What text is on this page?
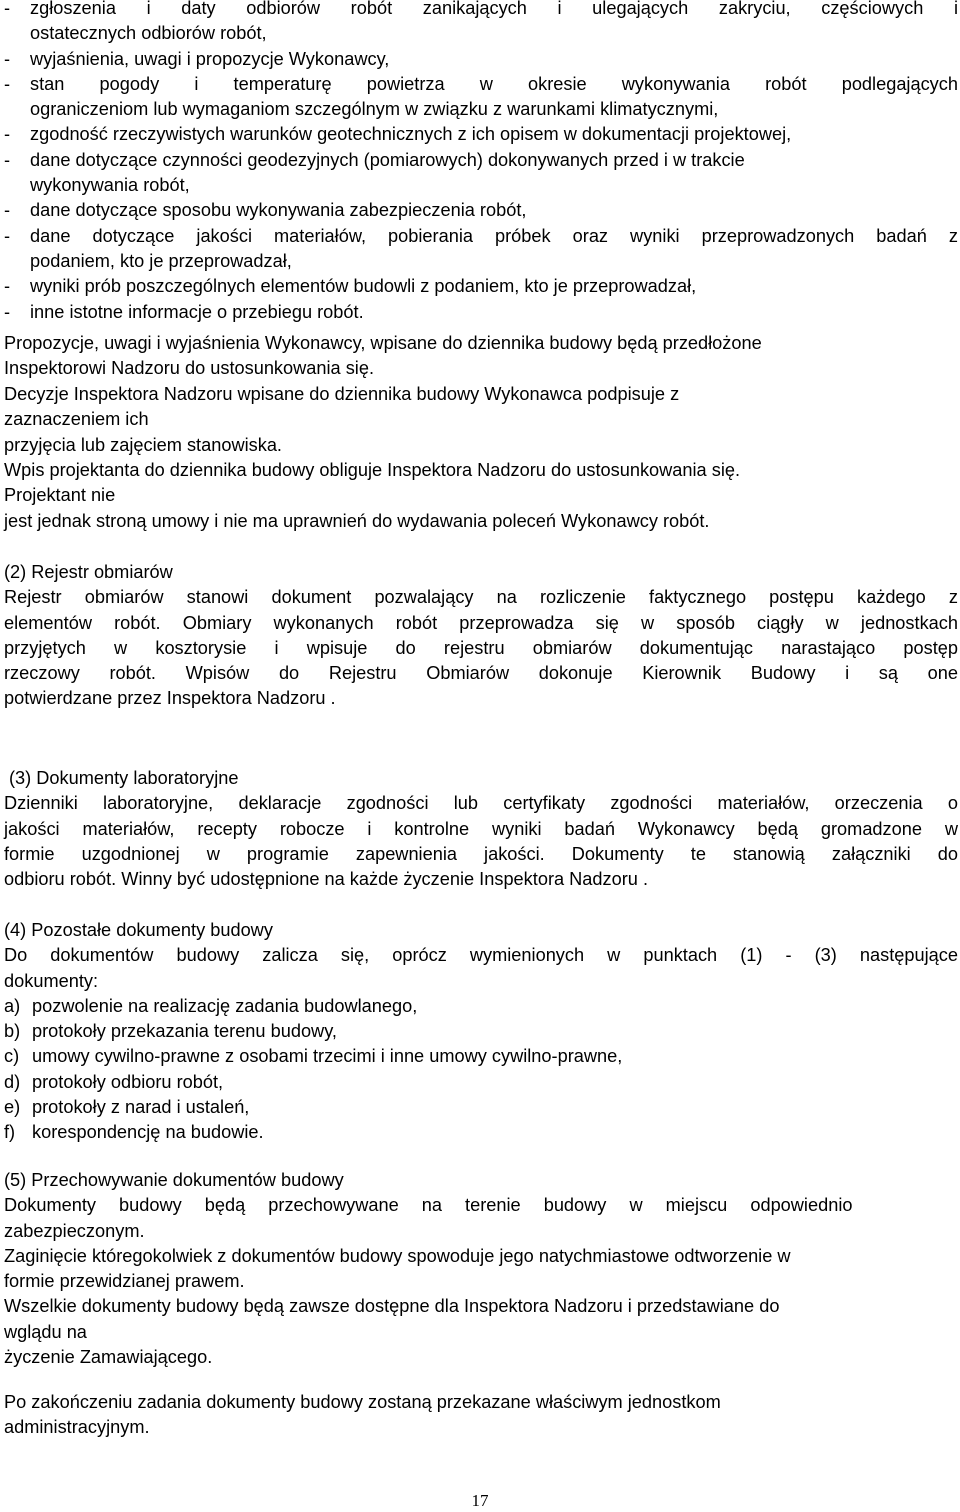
-	zgłoszenia i daty odbiorów robót zanikających i ulegających zakryciu, częściowych i
ostatecznych odbiorów robót,
-	wyjaśnienia, uwagi i propozycje Wykonawcy,
-	stan pogody i temperaturę powietrza w okresie wykonywania robót podlegających
ograniczeniom lub wymaganiom szczególnym w związku z warunkami klimatycznymi,
-	zgodność rzeczywistych warunków geotechnicznych z ich opisem w dokumentacji projektowej,
-	dane dotyczące czynności geodezyjnych (pomiarowych) dokonywanych przed i w trakcie
wykonywania robót,
-	dane dotyczące sposobu wykonywania zabezpieczenia robót,
-	dane dotyczące jakości materiałów, pobierania próbek oraz wyniki przeprowadzonych badań z
podaniem, kto je przeprowadzał,
-	wyniki prób poszczególnych elementów budowli z podaniem, kto je przeprowadzał,
-	inne istotne informacje o przebiegu robót.
Propozycje, uwagi i wyjaśnienia Wykonawcy, wpisane do dziennika budowy będą przedłożone
Inspektorowi Nadzoru do ustosunkowania się.
Decyzje Inspektora Nadzoru wpisane do dziennika budowy Wykonawca podpisuje z
zaznaczeniem ich
przyjęcia lub zajęciem stanowiska.
Wpis projektanta do dziennika budowy obliguje Inspektora Nadzoru do ustosunkowania się.
Projektant nie
jest jednak stroną umowy i nie ma uprawnień do wydawania poleceń Wykonawcy robót.
(2) Rejestr obmiarów
Rejestr obmiarów stanowi dokument pozwalający na rozliczenie faktycznego postępu każdego z
elementów robót. Obmiary wykonanych robót przeprowadza się w sposób ciągły w jednostkach
przyjętych w kosztorysie i wpisuje do rejestru obmiarów dokumentując narastająco postęp
rzeczowy robót. Wpisów do Rejestru Obmiarów dokonuje Kierownik Budowy i są one
potwierdzane przez Inspektora Nadzoru .
(3) Dokumenty laboratoryjne
Dzienniki laboratoryjne, deklaracje zgodności lub certyfikaty zgodności materiałów, orzeczenia o
jakości materiałów, recepty robocze i kontrolne wyniki badań Wykonawcy będą gromadzone w
formie uzgodnionej w programie zapewnienia jakości. Dokumenty te stanowią załączniki do
odbioru robót. Winny być udostępnione na każde życzenie Inspektora Nadzoru .
(4) Pozostałe dokumenty budowy
Do dokumentów budowy zalicza się, oprócz wymienionych w punktach (1) - (3) następujące
dokumenty:
a) pozwolenie na realizację zadania budowlanego,
b) protokoły przekazania terenu budowy,
c) umowy cywilno-prawne z osobami trzecimi i inne umowy cywilno-prawne,
d) protokoły odbioru robót,
e) protokoły z narad i ustaleń,
f) korespondencję na budowie.
(5) Przechowywanie dokumentów budowy
Dokumenty budowy będą przechowywane na terenie budowy w miejscu odpowiednio
zabezpieczonym.
Zaginięcie któregokolwiek z dokumentów budowy spowoduje jego natychmiastowe odtworzenie w
formie przewidzianej prawem.
Wszelkie dokumenty budowy będą zawsze dostępne dla Inspektora Nadzoru i przedstawiane do
wglądu na
życzenie Zamawiającego.
Po zakończeniu zadania dokumenty budowy zostaną przekazane właściwym jednostkom
administracyjnym.
17
